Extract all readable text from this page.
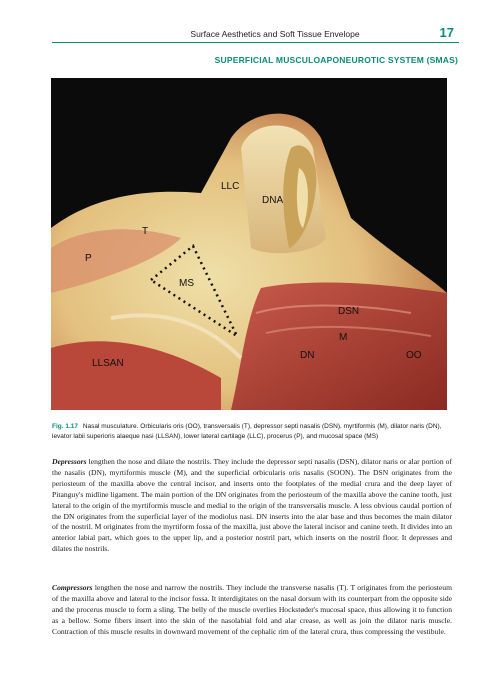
Surface Aesthetics and Soft Tissue Envelope	17
SUPERFICIAL MUSCULOAPONEUROTIC SYSTEM (SMAS)
LLC
DNA
T
P
MS
DSN
M
DN	OO
LLSAN
Fig. 1.17 Nasal musculature. Orbicularis oris (OO), transversalis (T), depressor septi nasalis (DSN), myrtiformis (M), dilator naris (DN), levator labii superioris alaeque nasi (LLSAN), lower lateral cartilage (LLC), procerus (P), and mucosal space (MS)
Depressors lengthen the nose and dilate the nostrils. They include the depressor septi nasalis (DSN), dilator naris or alar portion of the nasalis (DN), myrtiformis muscle (M), and the superficial orbicularis oris nasalis (SOON). The DSN originates from the periosteum of the maxilla above the central incisor, and inserts onto the footplates of the medial crura and the deep layer of Pitanguy's midline ligament. The main portion of the DN originates from the periosteum of the maxilla above the canine tooth, just lateral to the origin of the myrtiformis muscle and medial to the origin of the transversalis muscle. A less obvious caudal portion of the DN originates from the superficial layer of the modiolus nasi. DN inserts into the alar base and thus becomes the main dilator of the nostril. M originates from the myrtiform fossa of the maxilla, just above the lateral incisor and canine teeth. It divides into an anterior labial part, which goes to the upper lip, and a posterior nostril part, which inserts on the nostril floor. It depresses and dilates the nostrils.
Compressors lengthen the nose and narrow the nostrils. They include the transverse nasalis (T). T originates from the periosteum of the maxilla above and lateral to the incisor fossa. It interdigitates on the nasal dorsum with its counterpart from the opposite side and the procerus muscle to form a sling. The belly of the muscle overlies Hockstøder's mucosal space, thus allowing it to function as a bellow. Some fibers insert into the skin of the nasolabial fold and alar crease, as well as join the dilator naris muscle. Contraction of this muscle results in downward movement of the cephalic rim of the lateral crura, thus compressing the vestibule.
